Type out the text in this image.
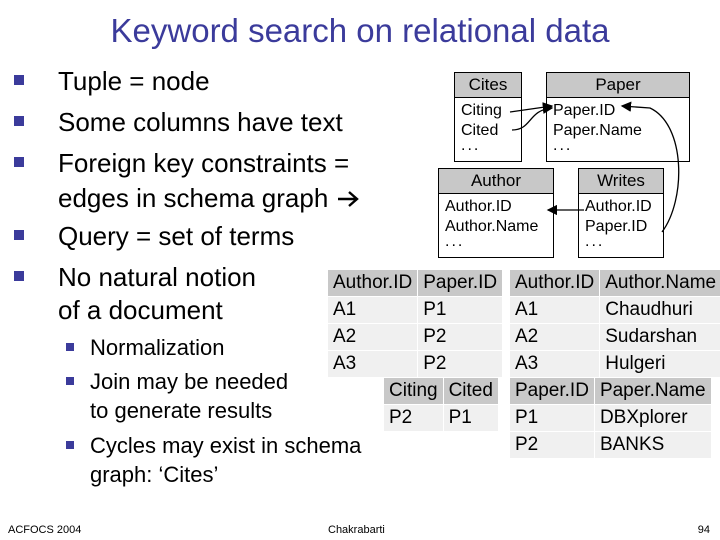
Keyword search on relational data
Tuple = node
Some columns have text
Foreign key constraints =
edges in schema graph
Query = set of terms
No natural notion
of a document
Normalization
Join may be needed
to generate results
Cycles may exist in schema
graph: ‘Cites’
Cites
Citing
Cited
...
Paper
Paper.ID
Paper.Name
...
Author
Author.ID
Author.Name
...
Writes
Author.ID
Paper.ID
...
Author.ID	Paper.ID
A1	P1
A2	P2
A3	P2
Author.ID	Author.Name
A1	Chaudhuri
A2	Sudarshan
A3	Hulgeri
Citing	Cited
P2	P1
Paper.ID	Paper.Name
P1	DBXplorer
P2	BANKS
ACFOCS 2004	Chakrabarti	94
